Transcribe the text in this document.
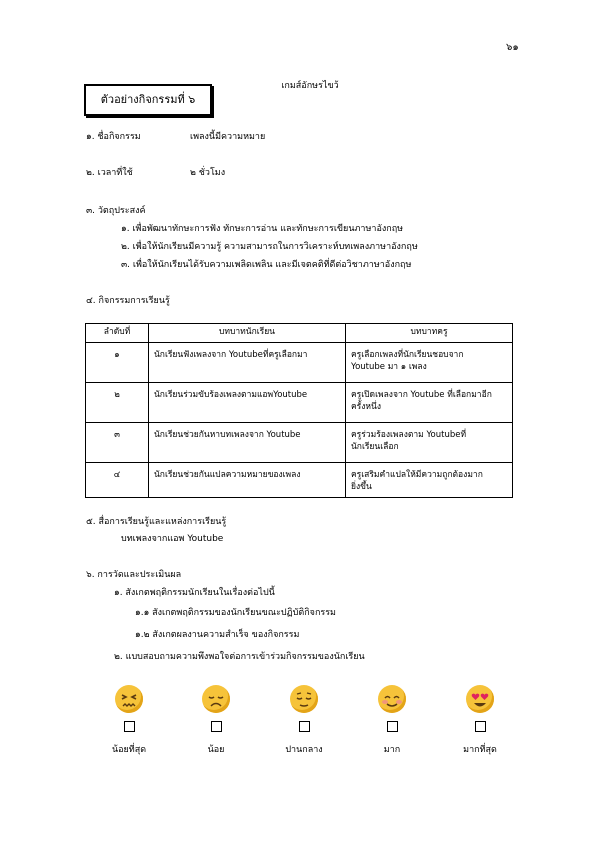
๖๑
เกมส์อักษรไขว้
ตัวอย่างกิจกรรมที่ ๖
๑. ชื่อกิจกรรม	เพลงนี้มีความหมาย
๒. เวลาที่ใช้	๒ ชั่วโมง
๓. วัตถุประสงค์
๑. เพื่อพัฒนาทักษะการฟัง ทักษะการอ่าน และทักษะการเขียนภาษาอังกฤษ
๒. เพื่อให้นักเรียนมีความรู้ ความสามารถในการวิเคราะห์บทเพลงภาษาอังกฤษ
๓. เพื่อให้นักเรียนได้รับความเพลิดเพลิน และมีเจตคติที่ดีต่อวิชาภาษาอังกฤษ
๔. กิจกรรมการเรียนรู้
ลำดับที่	บทบาทนักเรียน	บทบาทครู
๑	นักเรียนฟังเพลงจาก Youtubeที่ครูเลือกมา	ครูเลือกเพลงที่นักเรียนชอบจาก
Youtube มา ๑ เพลง

๒	นักเรียนร่วมขับร้องเพลงตามแอพYoutube	ครูเปิดเพลงจาก Youtube ที่เลือกมาอีก
ครั้งหนึ่ง

๓	นักเรียนช่วยกันหาบทเพลงจาก Youtube	ครูร่วมร้องเพลงตาม Youtubeที่
นักเรียนเลือก

๔	นักเรียนช่วยกันแปลความหมายของเพลง	ครูเสริมคำแปลให้มีความถูกต้องมาก
ยิ่งขึ้น
๕. สื่อการเรียนรู้และแหล่งการเรียนรู้
บทเพลงจากแอพ Youtube
๖. การวัดและประเมินผล
๑. สังเกตพฤติกรรมนักเรียนในเรื่องต่อไปนี้
๑.๑ สังเกตพฤติกรรมของนักเรียนขณะปฏิบัติกิจกรรม
๑.๒ สังเกตผลงานความสำเร็จ ของกิจกรรม
๒. แบบสอบถามความพึงพอใจต่อการเข้าร่วมกิจกรรมของนักเรียน
น้อยที่สุด	น้อย	ปานกลาง	มาก	มากที่สุด
